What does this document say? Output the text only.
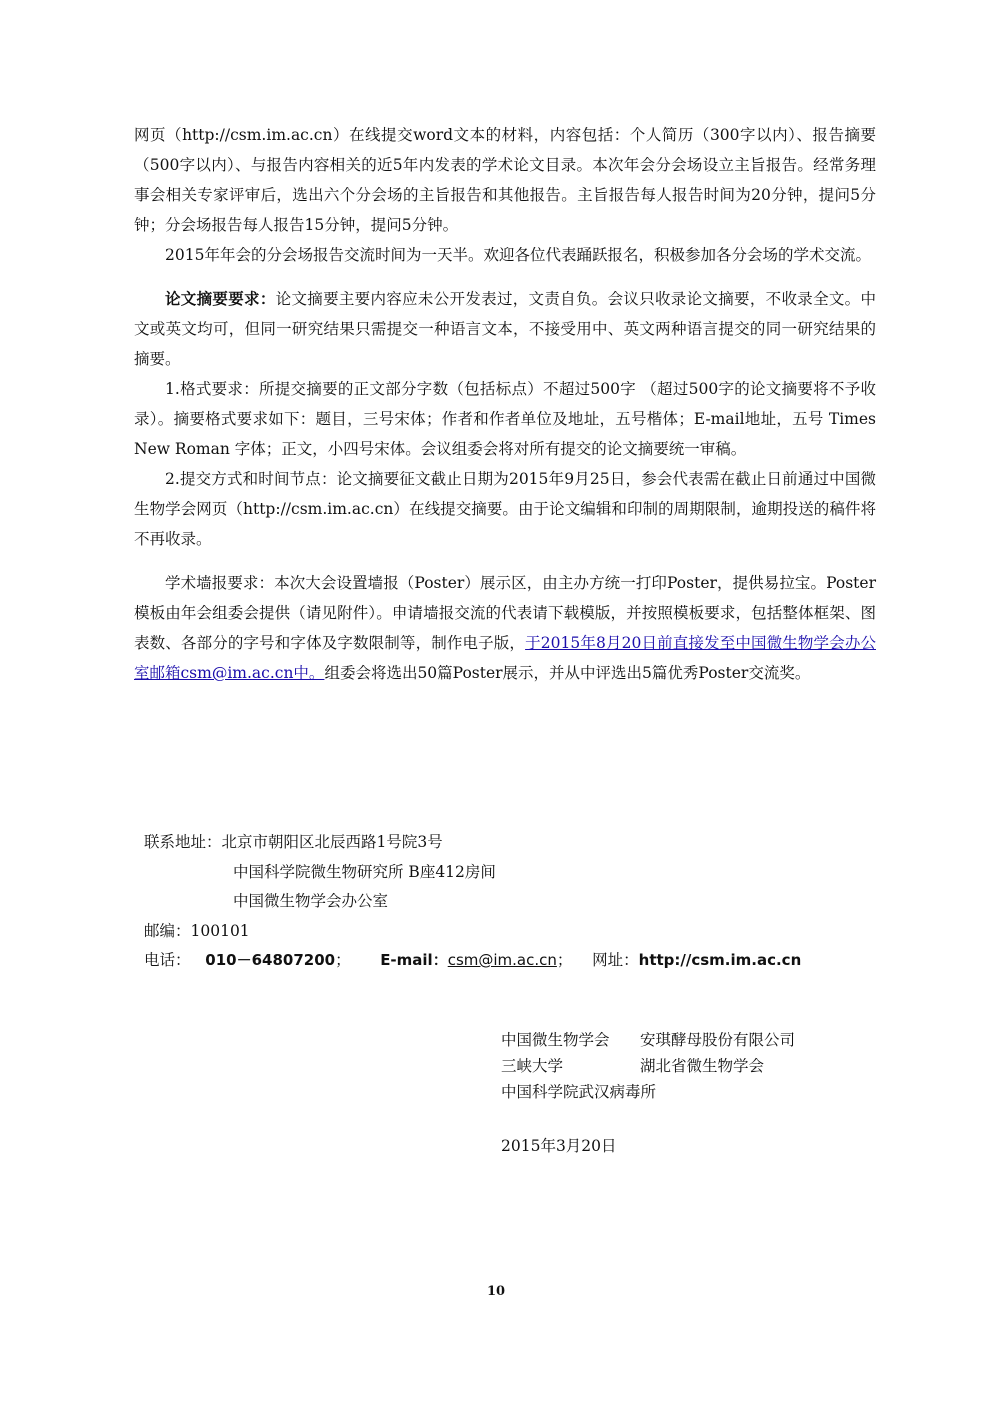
网页（http://csm.im.ac.cn）在线提交word文本的材料，内容包括：个人简历（300字以内）、报告摘要（500字以内）、与报告内容相关的近5年内发表的学术论文目录。本次年会分会场设立主旨报告。经常务理事会相关专家评审后，选出六个分会场的主旨报告和其他报告。主旨报告每人报告时间为20分钟，提问5分钟；分会场报告每人报告15分钟，提问5分钟。

2015年年会的分会场报告交流时间为一天半。欢迎各位代表踊跃报名，积极参加各分会场的学术交流。

论文摘要要求：论文摘要主要内容应未公开发表过，文责自负。会议只收录论文摘要，不收录全文。中文或英文均可，但同一研究结果只需提交一种语言文本，不接受用中、英文两种语言提交的同一研究结果的摘要。

1.格式要求：所提交摘要的正文部分字数（包括标点）不超过500字 （超过500字的论文摘要将不予收录）。摘要格式要求如下：题目，三号宋体；作者和作者单位及地址，五号楷体；E-mail地址，五号 Times New Roman 字体；正文，小四号宋体。会议组委会将对所有提交的论文摘要统一审稿。

2.提交方式和时间节点：论文摘要征文截止日期为2015年9月25日，参会代表需在截止日前通过中国微生物学会网页（http://csm.im.ac.cn）在线提交摘要。由于论文编辑和印制的周期限制，逾期投送的稿件将不再收录。

学术墙报要求：本次大会设置墙报（Poster）展示区，由主办方统一打印Poster，提供易拉宝。Poster模板由年会组委会提供（请见附件）。申请墙报交流的代表请下载模版，并按照模板要求，包括整体框架、图表数、各部分的字号和字体及字数限制等，制作电子版，于2015年8月20日前直接发至中国微生物学会办公室邮箱csm@im.ac.cn中。组委会将选出50篇Poster展示，并从中评选出5篇优秀Poster交流奖。

联系地址：北京市朝阳区北辰西路1号院3号
中国科学院微生物研究所 B座412房间
中国微生物学会办公室
邮编：100101
电话： 010－64807200； E-mail：csm@im.ac.cn； 网址：http://csm.im.ac.cn
中国微生物学会 安琪酵母股份有限公司
三峡大学	湖北省微生物学会
中国科学院武汉病毒所
2015年3月20日
10
